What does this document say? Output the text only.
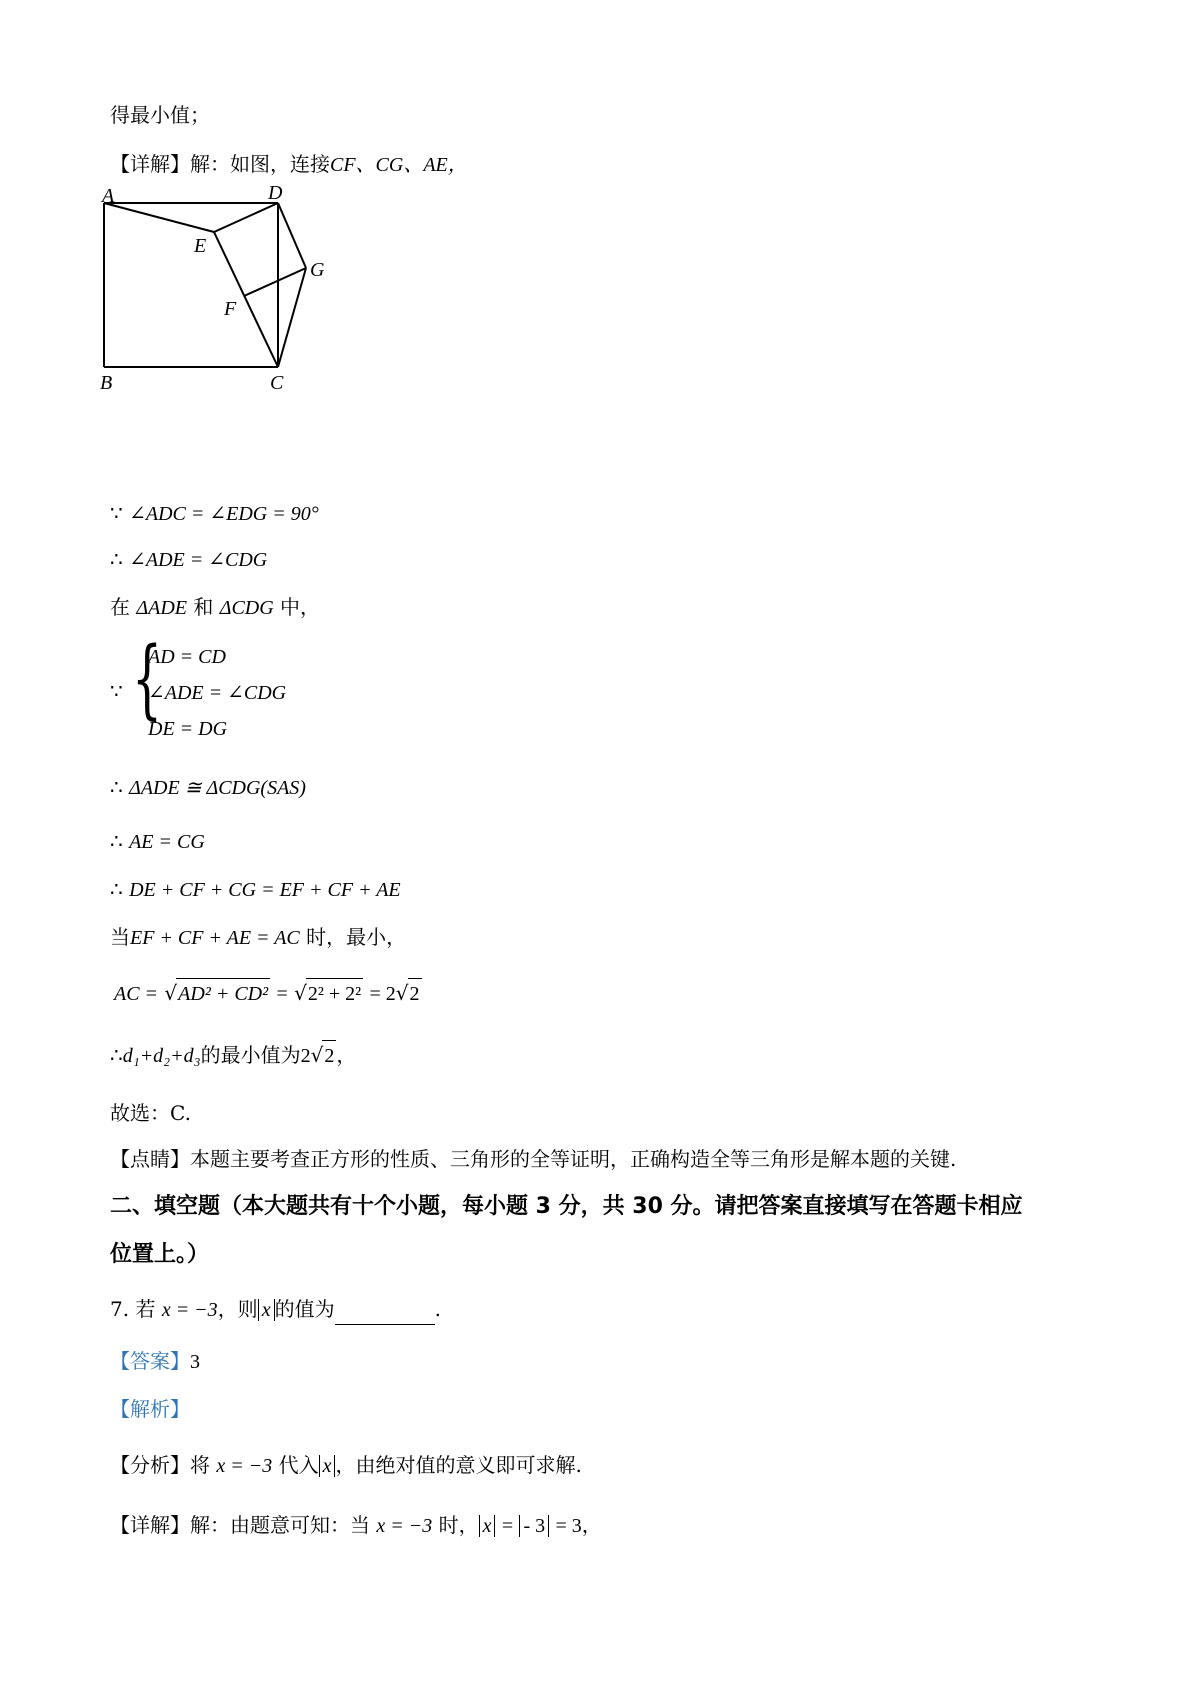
得最小值；
【详解】解：如图，连接CF、CG、AE，
A	D
E
G
F
B	C
∵ ∠ADC = ∠EDG = 90°
∴ ∠ADE = ∠CDG
在 ΔADE 和 ΔCDG 中，
∵ {
AD = CD
∠ADE = ∠CDG
DE = DG
∴ ΔADE ≅ ΔCDG(SAS)
∴ AE = CG
∴ DE + CF + CG = EF + CF + AE
当EF + CF + AE = AC 时，最小，
AC = √AD² + CD² = √2² + 2² = 2√2
∴d₁+d₂+d₃的最小值为2√2 ，
故选：C.
【点睛】本题主要考查正方形的性质、三角形的全等证明，正确构造全等三角形是解本题的关键.
二、填空题（本大题共有十个小题，每小题 3 分，共 30 分。请把答案直接填写在答题卡相应
位置上。）
7. 若 x = −3，则 x 的值为	.
【答案】3
【解析】
【分析】将 x = −3 代入 x ，由绝对值的意义即可求解.
【详解】解：由题意可知：当 x = −3 时， x = - 3 = 3，
